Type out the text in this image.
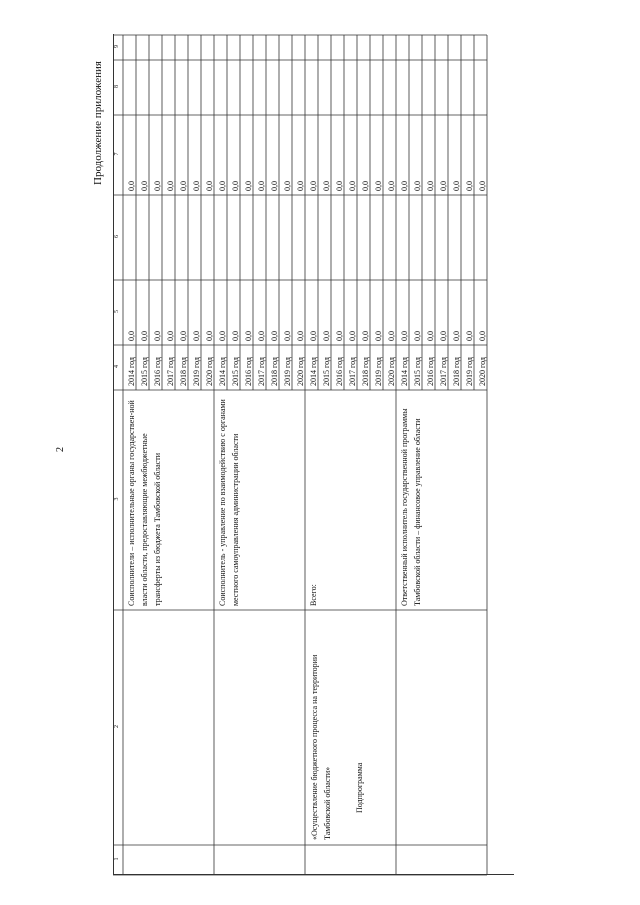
2
Продолжение приложения
1
2
3
4
5
6
7
8
9
Соисполнители – исполнительные органы государствен-ной власти области, предоставляющие межбюджетные трансферты из бюджета Тамбовской области
2014 год 2015 год 2016 год 2017 год 2018 год 2019 год 2020 год
0,0 0,0 0,0 0,0 0,0 0,0 0,0
0,0 0,0 0,0 0,0 0,0 0,0 0,0
Соисполнитель - управление по взаимодействию с органами местного самоуправления администрации области
2014 год 2015 год 2016 год 2017 год 2018 год 2019 год 2020 год
0,0 0,0 0,0 0,0 0,0 0,0 0,0
0,0 0,0 0,0 0,0 0,0 0,0 0,0
Всего:
2014 год 2015 год 2016 год 2017 год 2018 год 2019 год 2020 год
0,0 0,0 0,0 0,0 0,0 0,0 0,0
0,0 0,0 0,0 0,0 0,0 0,0 0,0
Ответственный исполнитель государственной программы Тамбовской области – финансовое управление области
2014 год 2015 год 2016 год 2017 год 2018 год 2019 год 2020 год
0,0 0,0 0,0 0,0 0,0 0,0 0,0
0,0 0,0 0,0 0,0 0,0 0,0 0,0
«Осуществление бюджетного процесса на территории Тамбовской области»	Подпрограмма
